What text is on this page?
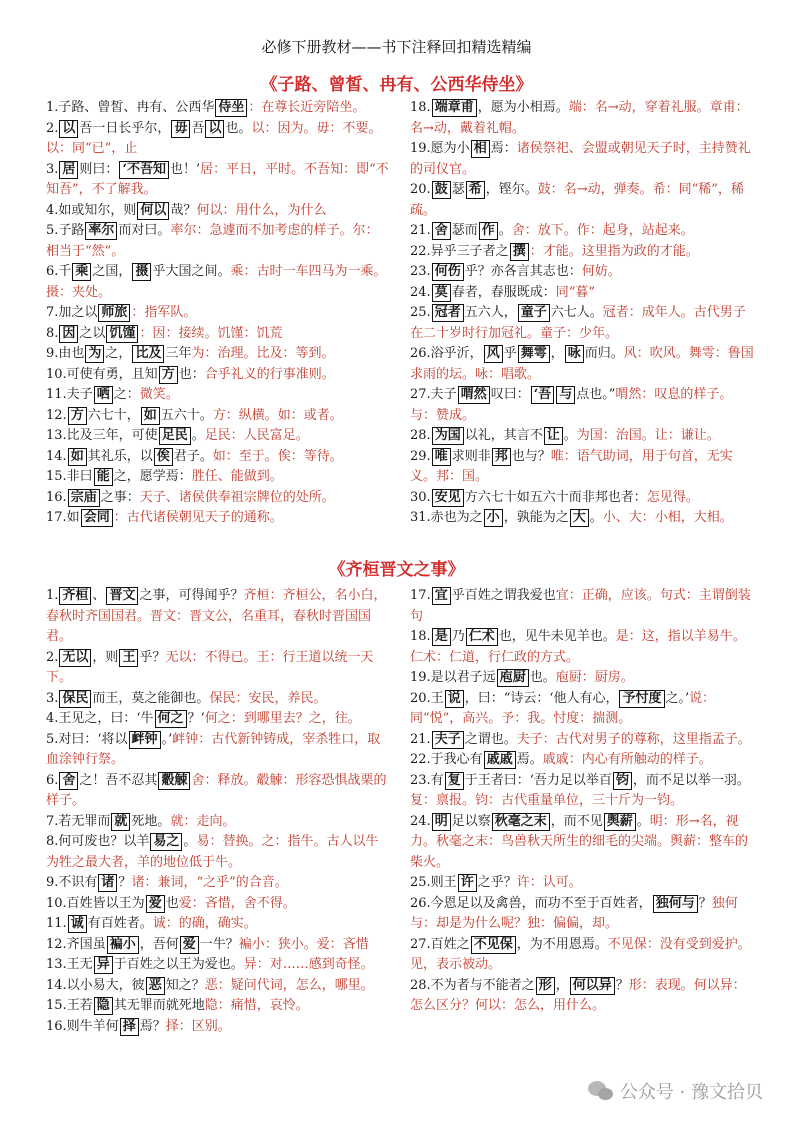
必修下册教材——书下注释回扣精选精编
《子路、曾皙、冉有、公西华侍坐》
1.子路、曾皙、冉有、公西华 侍坐 ：在尊长近旁陪坐。
2. 以 吾一日长乎尔， 毋 吾 以 也。以：因为。毋：不要。以：同“已”，止
3. 居 则曰： ‘不吾知 也！’居：平日，平时。不吾知：即“不知吾”，不了解我。
4.如或知尔，则 何以 哉？何以：用什么，为什么
5.子路 率尔 而对曰。率尔：急遽而不加考虑的样子。尔：相当于“然”。
6.千 乘 之国， 摄 乎大国之间。乘：古时一车四马为一乘。摄：夹处。
7.加之以 师旅 ：指军队。
8. 因 之以 饥馑 ：因：接续。饥馑：饥荒
9.由也 为 之， 比及 三年为：治理。比及：等到。
10.可使有勇，且知 方 也：合乎礼义的行事准则。
11.夫子 哂 之：微笑。
12. 方 六七十， 如 五六十。方：纵横。如：或者。
13.比及三年，可使 足民 。足民：人民富足。
14. 如 其礼乐，以 俟 君子。如：至于。俟：等待。
15.非曰 能 之，愿学焉：胜任、能做到。
16. 宗庙 之事：天子、诸侯供奉祖宗牌位的处所。
17.如 会同 ：古代诸侯朝见天子的通称。
18. 端章甫 ，愿为小相焉。端：名→动，穿着礼服。章甫：名→动，戴着礼帽。
19.愿为小 相 焉：诸侯祭祀、会盟或朝见天子时，主持赞礼的司仪官。
20. 鼓 瑟 希 ，铿尔。鼓：名→动，弹奏。希：同“稀”，稀疏。
21. 舍 瑟而 作 。舍：放下。作：起身，站起来。
22.异乎三子者之 撰 ：才能。这里指为政的才能。
23. 何伤 乎？亦各言其志也：何妨。
24. 莫 春者，春服既成：同“暮”
25. 冠者 五六人， 童子 六七人。冠者：成年人。古代男子在二十岁时行加冠礼。童子：少年。
26.浴乎沂， 风 乎 舞雩 ， 咏 而归。风：吹风。舞雩：鲁国求雨的坛。咏：唱歌。
27.夫子 喟然 叹曰： ‘吾 与 点也。”喟然：叹息的样子。与：赞成。
28. 为国 以礼，其言不 让 。为国：治国。让：谦让。
29. 唯 求则非 邦 也与？唯：语气助词，用于句首，无实义。邦：国。
30. 安见 方六七十如五六十而非邦也者：怎见得。
31.赤也为之 小 ，孰能为之 大 。小、大：小相，大相。
《齐桓晋文之事》
1. 齐桓 、 晋文 之事，可得闻乎？齐桓：齐桓公，名小白，春秋时齐国国君。晋文：晋文公，名重耳，春秋时晋国国君。
2. 无以 ，则 王 乎？无以：不得已。王：行王道以统一天下。
3. 保民 而王，莫之能御也。保民：安民，养民。
4.王见之，曰：‘牛 何之 ？’何之：到哪里去？之，往。
5.对曰：‘将以 衅钟 。’衅钟：古代新钟铸成，宰杀牲口，取血涂钟行祭。
6. 舍 之！吾不忍其 觳觫 舍：释放。觳觫：形容恐惧战栗的样子。
7.若无罪而 就 死地。就：走向。
8.何可废也？以羊 易之 。易：替换。之：指牛。古人以牛为牲之最大者，羊的地位低于牛。
9.不识有 诸 ？诸：兼词，“之乎”的合音。
10.百姓皆以王为 爱 也爱：吝惜，舍不得。
11. 诚 有百姓者。诚：的确，确实。
12.齐国虽 褊小 ，吾何 爱 一牛？褊小：狭小。爱：吝惜
13.王无 异 于百姓之以王为爱也。异：对……感到奇怪。
14.以小易大，彼 恶 知之？恶：疑问代词，怎么，哪里。
15.王若 隐 其无罪而就死地隐：痛惜，哀怜。
16.则牛羊何 择 焉？择：区别。
17. 宜 乎百姓之谓我爱也宜：正确，应该。句式：主谓倒装句
18. 是 乃 仁术 也，见牛未见羊也。是：这，指以羊易牛。仁术：仁道，行仁政的方式。
19.是以君子远 庖厨 也。庖厨：厨房。
20.王 说 ，曰：“诗云：‘他人有心， 予忖度 之。’说：同“悦”，高兴。予：我。忖度：揣测。
21. 夫子 之谓也。夫子：古代对男子的尊称，这里指孟子。
22.于我心有 戚戚 焉。戚戚：内心有所触动的样子。
23.有 复 于王者曰：‘吾力足以举百 钧 ，而不足以举一羽。复：禀报。钧：古代重量单位，三十斤为一钧。
24. 明 足以察 秋毫之末 ，而不见 舆薪 。明：形→名，视力。秋毫之末：鸟兽秋天所生的细毛的尖端。舆薪：整车的柴火。
25.则王 许 之乎？许：认可。
26.今恩足以及禽兽，而功不至于百姓者， 独何与 ？独何与：却是为什么呢？独：偏偏，却。
27.百姓之 不见保 ，为不用恩焉。不见保：没有受到爱护。见，表示被动。
28.不为者与不能者之 形 ， 何以异 ？形：表现。何以异：怎么区分？何以：怎么，用什么。
公众号 · 豫文拾贝
